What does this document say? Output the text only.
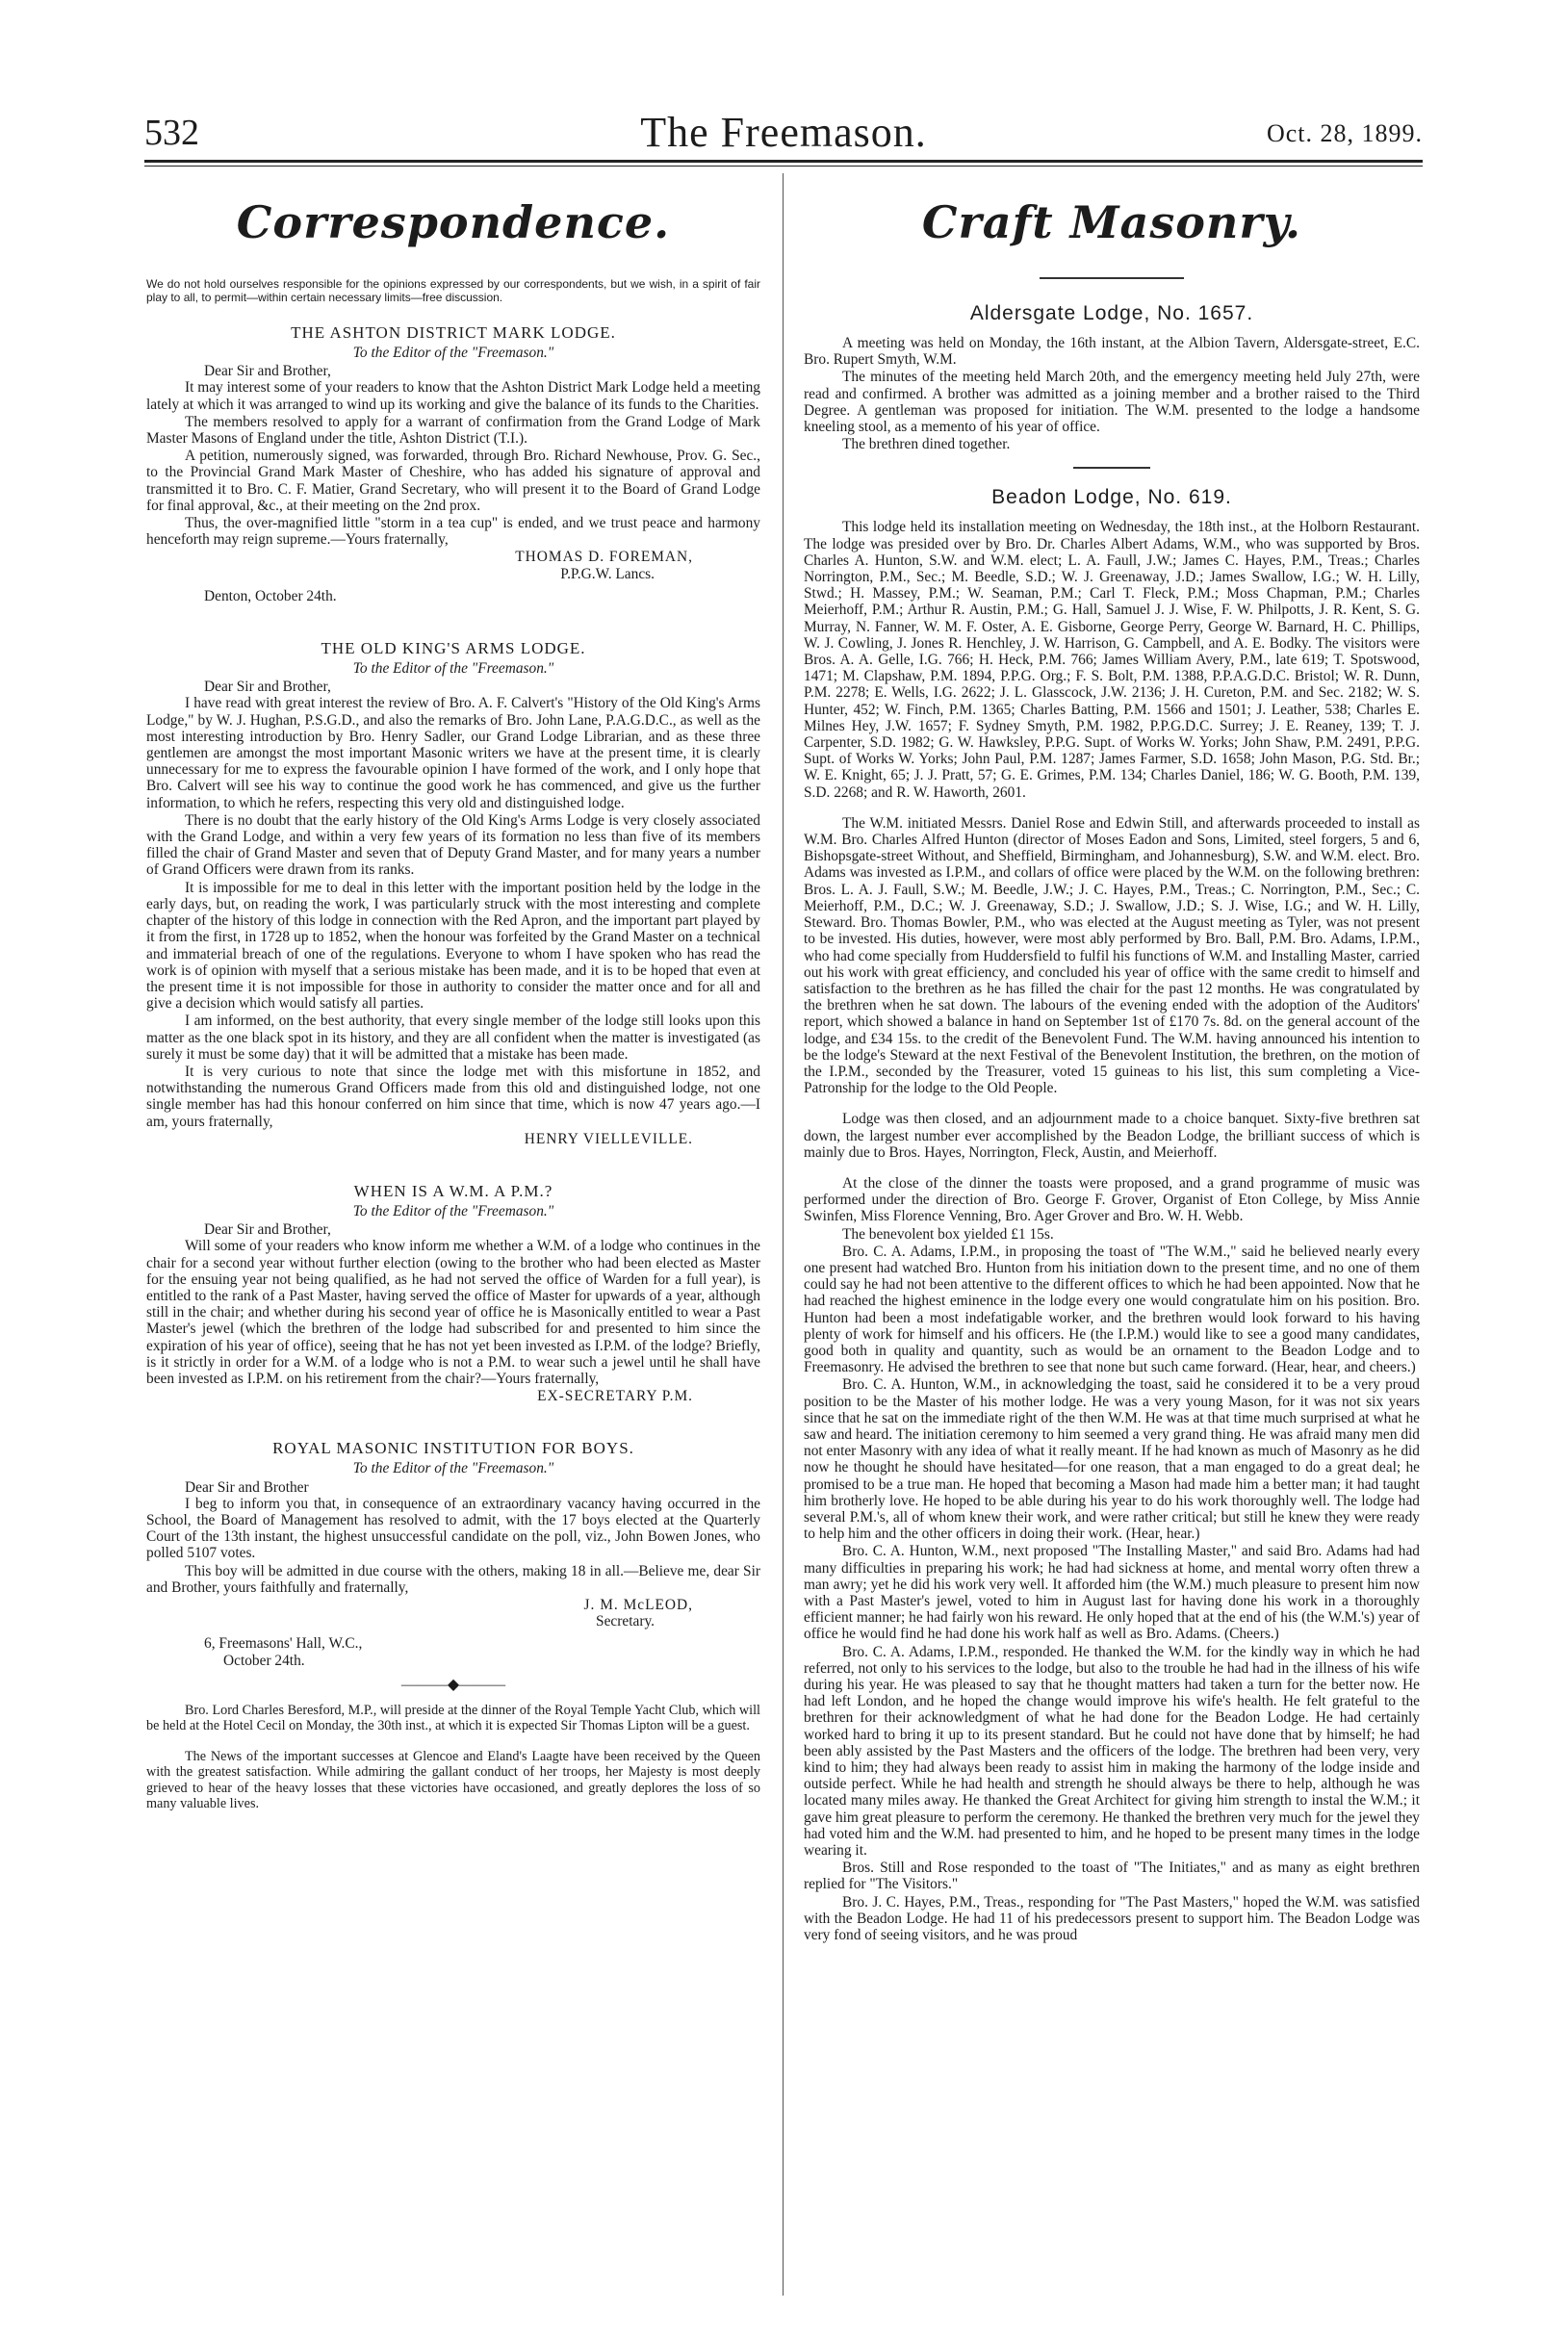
532	The Freemason.	Oct. 28, 1899.
Correspondence.
We do not hold ourselves responsible for the opinions expressed by our correspondents, but we wish, in a spirit of fair play to all, to permit—within certain necessary limits—free discussion.
THE ASHTON DISTRICT MARK LODGE.
To the Editor of the "Freemason."
Dear Sir and Brother,

It may interest some of your readers to know that the Ashton District Mark Lodge held a meeting lately at which it was arranged to wind up its working and give the balance of its funds to the Charities.

The members resolved to apply for a warrant of confirmation from the Grand Lodge of Mark Master Masons of England under the title, Ashton District (T.I.).

A petition, numerously signed, was forwarded, through Bro. Richard Newhouse, Prov. G. Sec., to the Provincial Grand Mark Master of Cheshire, who has added his signature of approval and transmitted it to Bro. C. F. Matier, Grand Secretary, who will present it to the Board of Grand Lodge for final approval, &c., at their meeting on the 2nd prox.

Thus, the over-magnified little "storm in a tea cup" is ended, and we trust peace and harmony henceforth may reign supreme.—Yours fraternally,

THOMAS D. FOREMAN,
P.P.G.W. Lancs.
Denton, October 24th.
THE OLD KING'S ARMS LODGE.
To the Editor of the "Freemason."
Dear Sir and Brother,

I have read with great interest the review of Bro. A. F. Calvert's "History of the Old King's Arms Lodge," by W. J. Hughan, P.S.G.D., and also the remarks of Bro. John Lane, P.A.G.D.C., as well as the most interesting introduction by Bro. Henry Sadler, our Grand Lodge Librarian, and as these three gentlemen are amongst the most important Masonic writers we have at the present time, it is clearly unnecessary for me to express the favourable opinion I have formed of the work, and I only hope that Bro. Calvert will see his way to continue the good work he has commenced, and give us the further information, to which he refers, respecting this very old and distinguished lodge.

There is no doubt that the early history of the Old King's Arms Lodge is very closely associated with the Grand Lodge, and within a very few years of its formation no less than five of its members filled the chair of Grand Master and seven that of Deputy Grand Master, and for many years a number of Grand Officers were drawn from its ranks.

It is impossible for me to deal in this letter with the important position held by the lodge in the early days, but, on reading the work, I was particularly struck with the most interesting and complete chapter of the history of this lodge in connection with the Red Apron, and the important part played by it from the first, in 1728 up to 1852, when the honour was forfeited by the Grand Master on a technical and immaterial breach of one of the regulations. Everyone to whom I have spoken who has read the work is of opinion with myself that a serious mistake has been made, and it is to be hoped that even at the present time it is not impossible for those in authority to consider the matter once and for all and give a decision which would satisfy all parties.

I am informed, on the best authority, that every single member of the lodge still looks upon this matter as the one black spot in its history, and they are all confident when the matter is investigated (as surely it must be some day) that it will be admitted that a mistake has been made.

It is very curious to note that since the lodge met with this misfortune in 1852, and notwithstanding the numerous Grand Officers made from this old and distinguished lodge, not one single member has had this honour conferred on him since that time, which is now 47 years ago.—I am, yours fraternally,

HENRY VIELLEVILLE.
WHEN IS A W.M. A P.M.?
To the Editor of the "Freemason."
Dear Sir and Brother,

Will some of your readers who know inform me whether a W.M. of a lodge who continues in the chair for a second year without further election (owing to the brother who had been elected as Master for the ensuing year not being qualified, as he had not served the office of Warden for a full year), is entitled to the rank of a Past Master, having served the office of Master for upwards of a year, although still in the chair; and whether during his second year of office he is Masonically entitled to wear a Past Master's jewel (which the brethren of the lodge had subscribed for and presented to him since the expiration of his year of office), seeing that he has not yet been invested as I.P.M. of the lodge? Briefly, is it strictly in order for a W.M. of a lodge who is not a P.M. to wear such a jewel until he shall have been invested as I.P.M. on his retirement from the chair?—Yours fraternally,

EX-SECRETARY P.M.
ROYAL MASONIC INSTITUTION FOR BOYS.
To the Editor of the "Freemason."
Dear Sir and Brother

I beg to inform you that, in consequence of an extraordinary vacancy having occurred in the School, the Board of Management has resolved to admit, with the 17 boys elected at the Quarterly Court of the 13th instant, the highest unsuccessful candidate on the poll, viz., John Bowen Jones, who polled 5107 votes.

This boy will be admitted in due course with the others, making 18 in all.—Believe me, dear Sir and Brother, yours faithfully and fraternally,

J. M. McLEOD,
Secretary.
6, Freemasons' Hall, W.C.,
October 24th.
———◆———

Bro. Lord Charles Beresford, M.P., will preside at the dinner of the Royal Temple Yacht Club, which will be held at the Hotel Cecil on Monday, the 30th inst., at which it is expected Sir Thomas Lipton will be a guest.

The News of the important successes at Glencoe and Eland's Laagte have been received by the Queen with the greatest satisfaction. While admiring the gallant conduct of her troops, her Majesty is most deeply grieved to hear of the heavy losses that these victories have occasioned, and greatly deplores the loss of so many valuable lives.

Craft Masonry.
Aldersgate Lodge, No. 1657.

A meeting was held on Monday, the 16th instant, at the Albion Tavern, Aldersgate-street, E.C. Bro. Rupert Smyth, W.M.

The minutes of the meeting held March 20th, and the emergency meeting held July 27th, were read and confirmed. A brother was admitted as a joining member and a brother raised to the Third Degree. A gentleman was proposed for initiation. The W.M. presented to the lodge a handsome kneeling stool, as a memento of his year of office.

The brethren dined together.

Beadon Lodge, No. 619.

This lodge held its installation meeting on Wednesday, the 18th inst., at the Holborn Restaurant. The lodge was presided over by Bro. Dr. Charles Albert Adams, W.M., who was supported by Bros. Charles A. Hunton, S.W. and W.M. elect; L. A. Faull, J.W.; James C. Hayes, P.M., Treas.; Charles Norrington, P.M., Sec.; M. Beedle, S.D.; W. J. Greenaway, J.D.; James Swallow, I.G.; W. H. Lilly, Stwd.; H. Massey, P.M.; W. Seaman, P.M.; Carl T. Fleck, P.M.; Moss Chapman, P.M.; Charles Meierhoff, P.M.; Arthur R. Austin, P.M.; G. Hall, Samuel J. J. Wise, F. W. Philpotts, J. R. Kent, S. G. Murray, N. Fanner, W. M. F. Oster, A. E. Gisborne, George Perry, George W. Barnard, H. C. Phillips, W. J. Cowling, J. Jones R. Henchley, J. W. Harrison, G. Campbell, and A. E. Bodky. The visitors were Bros. A. A. Gelle, I.G. 766; H. Heck, P.M. 766; James William Avery, P.M., late 619; T. Spotswood, 1471; M. Clapshaw, P.M. 1894, P.P.G. Org.; F. S. Bolt, P.M. 1388, P.P.A.G.D.C. Bristol; W. R. Dunn, P.M. 2278; E. Wells, I.G. 2622; J. L. Glasscock, J.W. 2136; J. H. Cureton, P.M. and Sec. 2182; W. S. Hunter, 452; W. Finch, P.M. 1365; Charles Batting, P.M. 1566 and 1501; J. Leather, 538; Charles E. Milnes Hey, J.W. 1657; F. Sydney Smyth, P.M. 1982, P.P.G.D.C. Surrey; J. E. Reaney, 139; T. J. Carpenter, S.D. 1982; G. W. Hawksley, P.P.G. Supt. of Works W. Yorks; John Shaw, P.M. 2491, P.P.G. Supt. of Works W. Yorks; John Paul, P.M. 1287; James Farmer, S.D. 1658; John Mason, P.G. Std. Br.; W. E. Knight, 65; J. J. Pratt, 57; G. E. Grimes, P.M. 134; Charles Daniel, 186; W. G. Booth, P.M. 139, S.D. 2268; and R. W. Haworth, 2601.

The W.M. initiated Messrs. Daniel Rose and Edwin Still, and afterwards proceeded to install as W.M. Bro. Charles Alfred Hunton (director of Moses Eadon and Sons, Limited, steel forgers, 5 and 6, Bishopsgate-street Without, and Sheffield, Birmingham, and Johannesburg), S.W. and W.M. elect. Bro. Adams was invested as I.P.M., and collars of office were placed by the W.M. on the following brethren: Bros. L. A. J. Faull, S.W.; M. Beedle, J.W.; J. C. Hayes, P.M., Treas.; C. Norrington, P.M., Sec.; C. Meierhoff, P.M., D.C.; W. J. Greenaway, S.D.; J. Swallow, J.D.; S. J. Wise, I.G.; and W. H. Lilly, Steward. Bro. Thomas Bowler, P.M., who was elected at the August meeting as Tyler, was not present to be invested. His duties, however, were most ably performed by Bro. Ball, P.M. Bro. Adams, I.P.M., who had come specially from Huddersfield to fulfil his functions of W.M. and Installing Master, carried out his work with great efficiency, and concluded his year of office with the same credit to himself and satisfaction to the brethren as he has filled the chair for the past 12 months. He was congratulated by the brethren when he sat down. The labours of the evening ended with the adoption of the Auditors' report, which showed a balance in hand on September 1st of £170 7s. 8d. on the general account of the lodge, and £34 15s. to the credit of the Benevolent Fund. The W.M. having announced his intention to be the lodge's Steward at the next Festival of the Benevolent Institution, the brethren, on the motion of the I.P.M., seconded by the Treasurer, voted 15 guineas to his list, this sum completing a Vice-Patronship for the lodge to the Old People.

Lodge was then closed, and an adjournment made to a choice banquet. Sixty-five brethren sat down, the largest number ever accomplished by the Beadon Lodge, the brilliant success of which is mainly due to Bros. Hayes, Norrington, Fleck, Austin, and Meierhoff.

At the close of the dinner the toasts were proposed, and a grand programme of music was performed under the direction of Bro. George F. Grover, Organist of Eton College, by Miss Annie Swinfen, Miss Florence Venning, Bro. Ager Grover and Bro. W. H. Webb.

The benevolent box yielded £1 15s.

Bro. C. A. Adams, I.P.M., in proposing the toast of "The W.M.," said he believed nearly every one present had watched Bro. Hunton from his initiation down to the present time, and no one of them could say he had not been attentive to the different offices to which he had been appointed. Now that he had reached the highest eminence in the lodge every one would congratulate him on his position. Bro. Hunton had been a most indefatigable worker, and the brethren would look forward to his having plenty of work for himself and his officers. He (the I.P.M.) would like to see a good many candidates, good both in quality and quantity, such as would be an ornament to the Beadon Lodge and to Freemasonry. He advised the brethren to see that none but such came forward. (Hear, hear, and cheers.)

Bro. C. A. Hunton, W.M., in acknowledging the toast, said he considered it to be a very proud position to be the Master of his mother lodge. He was a very young Mason, for it was not six years since that he sat on the immediate right of the then W.M. He was at that time much surprised at what he saw and heard. The initiation ceremony to him seemed a very grand thing. He was afraid many men did not enter Masonry with any idea of what it really meant. If he had known as much of Masonry as he did now he thought he should have hesitated—for one reason, that a man engaged to do a great deal; he promised to be a true man. He hoped that becoming a Mason had made him a better man; it had taught him brotherly love. He hoped to be able during his year to do his work thoroughly well. The lodge had several P.M.'s, all of whom knew their work, and were rather critical; but still he knew they were ready to help him and the other officers in doing their work. (Hear, hear.)

Bro. C. A. Hunton, W.M., next proposed "The Installing Master," and said Bro. Adams had had many difficulties in preparing his work; he had had sickness at home, and mental worry often threw a man awry; yet he did his work very well. It afforded him (the W.M.) much pleasure to present him now with a Past Master's jewel, voted to him in August last for having done his work in a thoroughly efficient manner; he had fairly won his reward. He only hoped that at the end of his (the W.M.'s) year of office he would find he had done his work half as well as Bro. Adams. (Cheers.)

Bro. C. A. Adams, I.P.M., responded. He thanked the W.M. for the kindly way in which he had referred, not only to his services to the lodge, but also to the trouble he had had in the illness of his wife during his year. He was pleased to say that he thought matters had taken a turn for the better now. He had left London, and he hoped the change would improve his wife's health. He felt grateful to the brethren for their acknowledgment of what he had done for the Beadon Lodge. He had certainly worked hard to bring it up to its present standard. But he could not have done that by himself; he had been ably assisted by the Past Masters and the officers of the lodge. The brethren had been very, very kind to him; they had always been ready to assist him in making the harmony of the lodge inside and outside perfect. While he had health and strength he should always be there to help, although he was located many miles away. He thanked the Great Architect for giving him strength to instal the W.M.; it gave him great pleasure to perform the ceremony. He thanked the brethren very much for the jewel they had voted him and the W.M. had presented to him, and he hoped to be present many times in the lodge wearing it.

Bros. Still and Rose responded to the toast of "The Initiates," and as many as eight brethren replied for "The Visitors."

Bro. J. C. Hayes, P.M., Treas., responding for "The Past Masters," hoped the W.M. was satisfied with the Beadon Lodge. He had 11 of his predecessors present to support him. The Beadon Lodge was very fond of seeing visitors, and he was proud
